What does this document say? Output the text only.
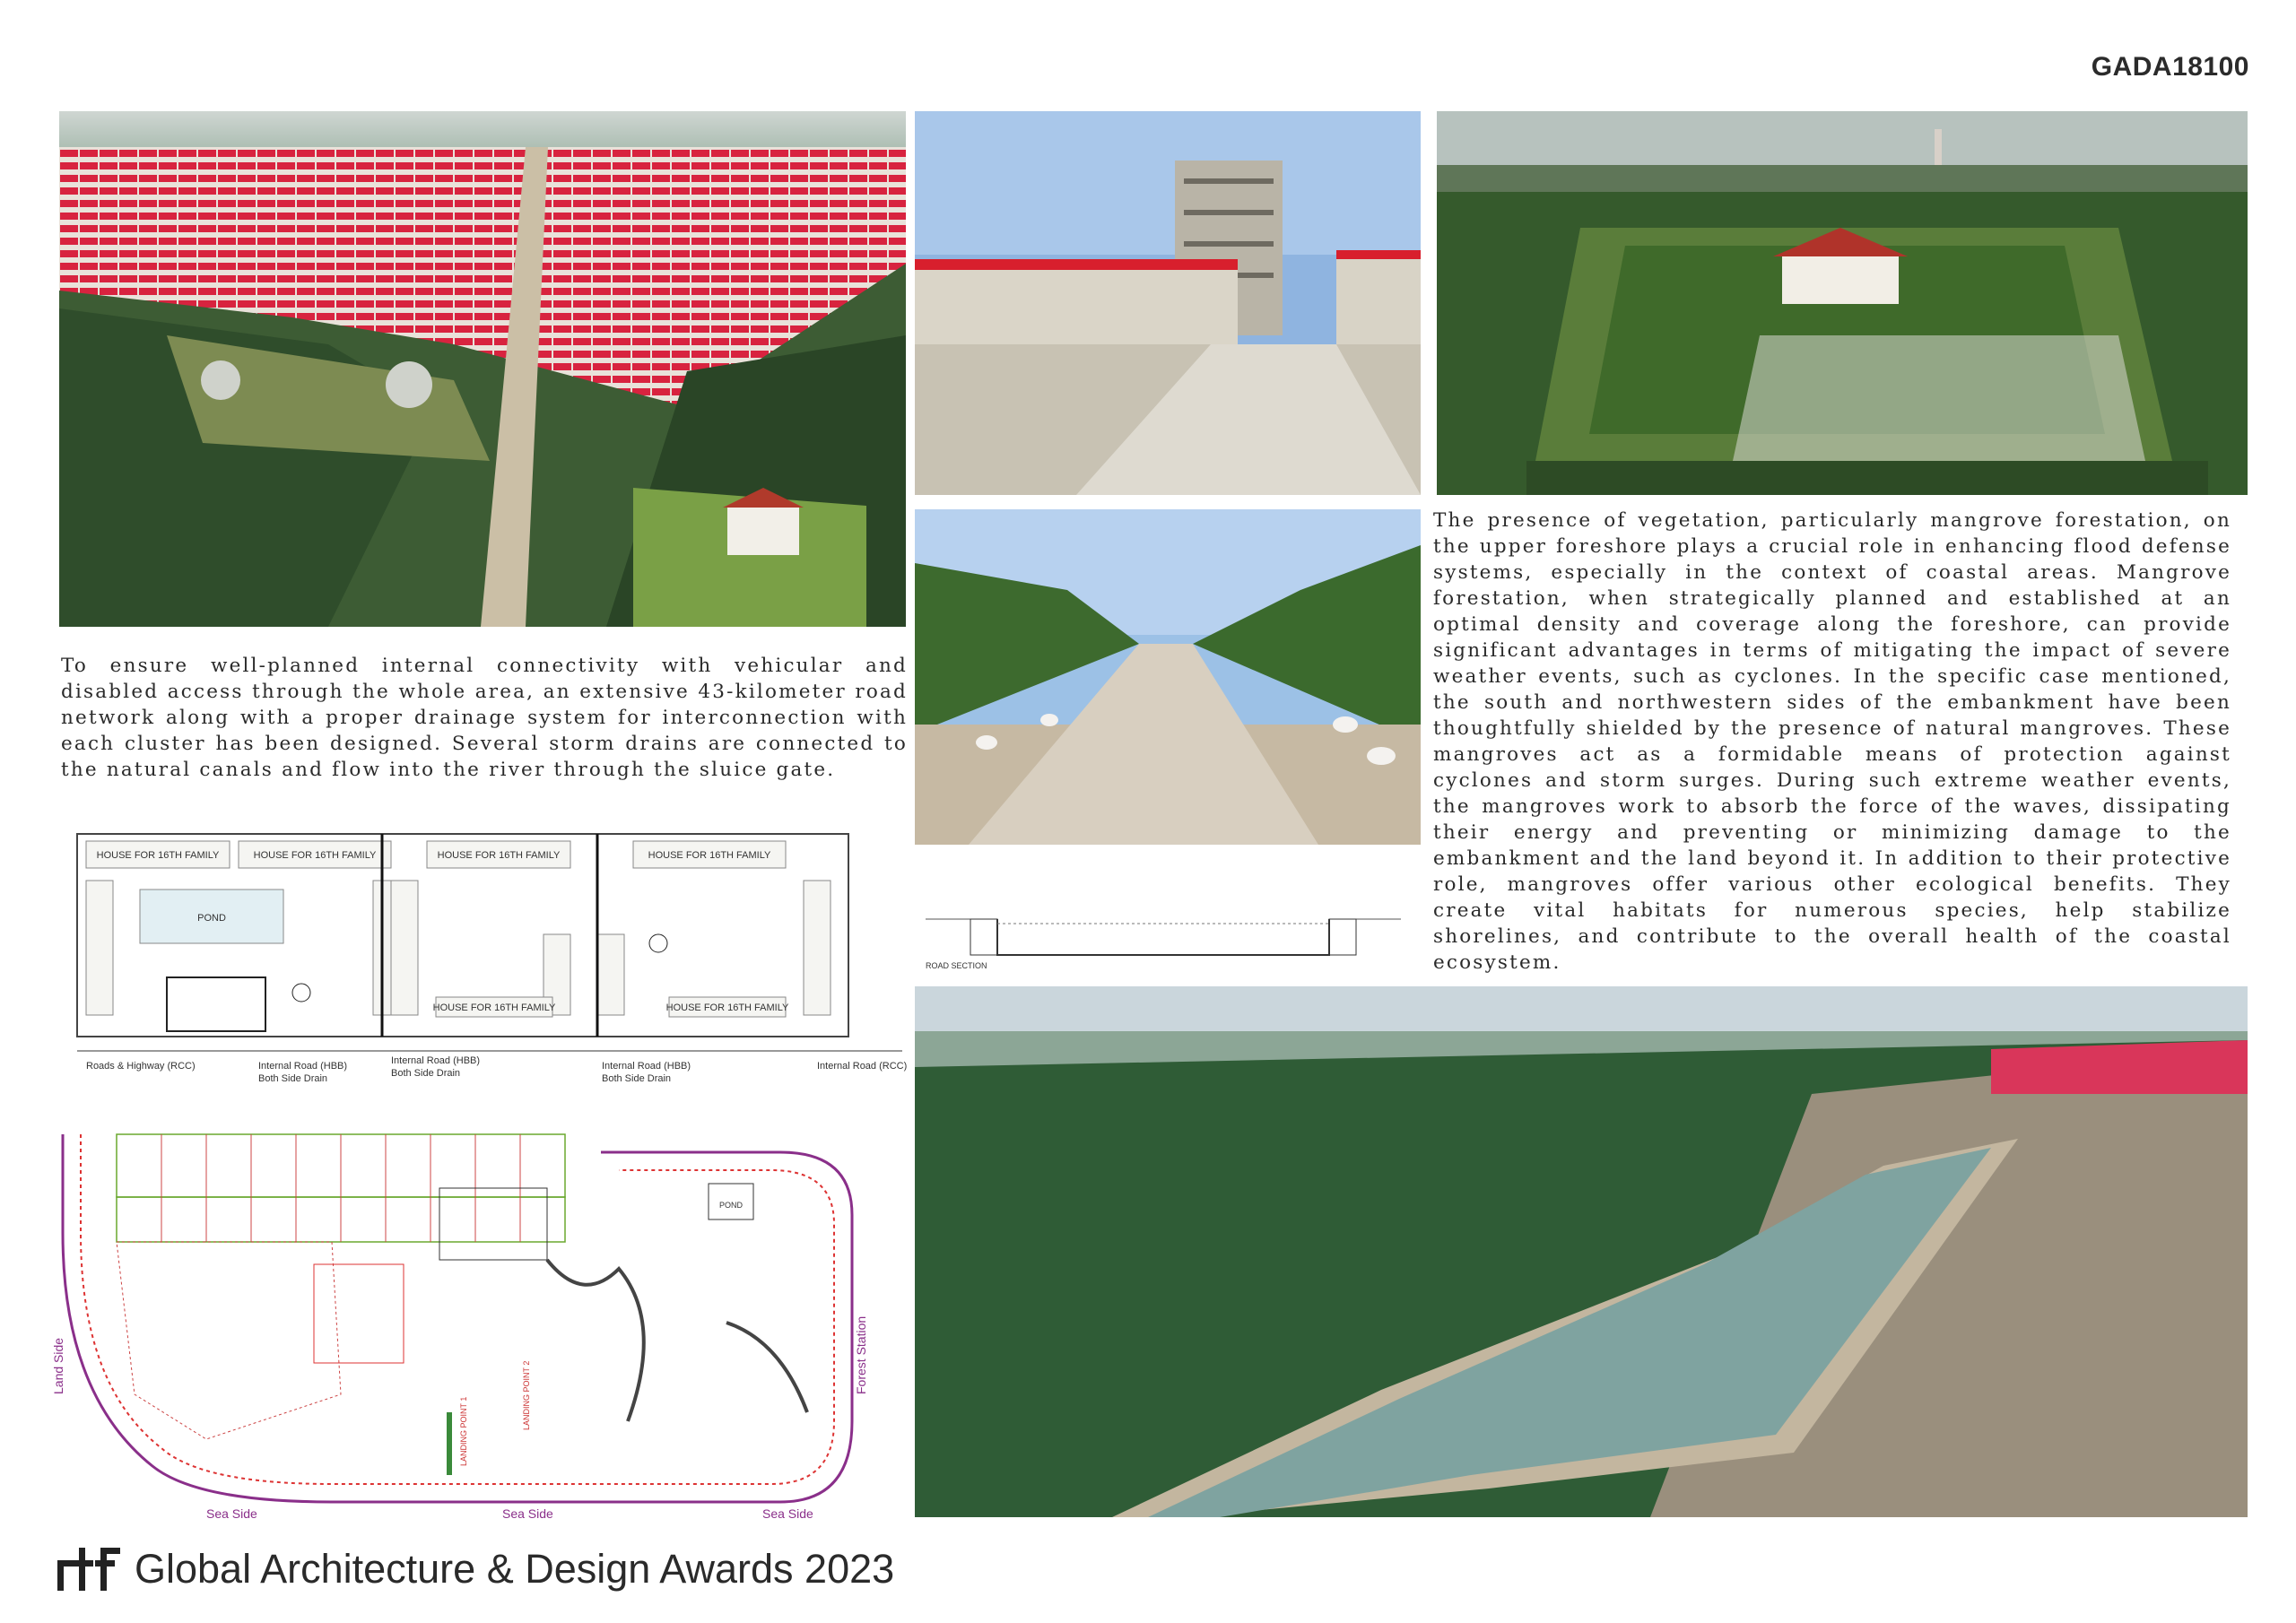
GADA18100
To ensure well-planned internal connectivity with vehicular and disabled access through the whole area, an extensive 43-kilometer road network along with a proper drainage system for interconnection with each cluster has been designed. Several storm drains are connected to the natural canals and flow into the river through the sluice gate.
The presence of vegetation, particularly mangrove forestation, on the upper foreshore plays a crucial role in enhancing flood defense systems, especially in the context of coastal areas. Mangrove forestation, when strategically planned and established at an optimal density and coverage along the foreshore, can provide significant advantages in terms of mitigating the impact of severe weather events, such as cyclones. In the specific case mentioned, the south and northwestern sides of the embankment have been thoughtfully shielded by the presence of natural mangroves. These mangroves act as a formidable means of protection against cyclones and storm surges. During such extreme weather events, the mangroves work to absorb the force of the waves, dissipating their energy and preventing or minimizing damage to the embankment and the land beyond it. In addition to their protective role, mangroves offer various other ecological benefits. They create vital habitats for numerous species, help stabilize shorelines, and contribute to the overall health of the coastal ecosystem.
POND
HOUSE FOR 16TH FAMILY	HOUSE FOR 16TH FAMILY	HOUSE FOR 16TH FAMILY	HOUSE FOR 16TH FAMILY
HOUSE FOR 16TH FAMILY	HOUSE FOR 16TH FAMILY
Roads & Highway (RCC)	Internal Road (HBB)
Both Side Drain
Internal Road (HBB)
Both Side Drain
Internal Road (HBB)
Both Side Drain
Internal Road (RCC)
ROAD SECTION
POND
Land Side	Forest Station
Sea Side	Sea Side	Sea Side
LANDING POINT 1
LANDING POINT 2
Global Architecture & Design Awards 2023
